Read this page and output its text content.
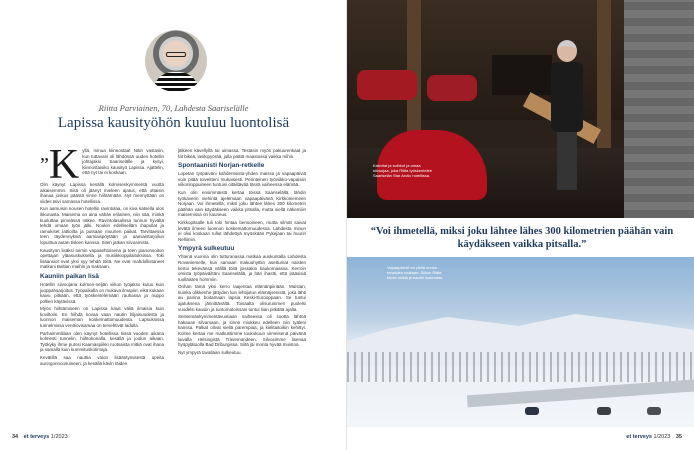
Riitta Parviainen, 70, Lahdesta Saariselälle
Lapissa kausityöhön kuuluu luontolisä
”K yllä, minua kiinnostaa! Näin vastasin, kun tuttavani oli lähdössä uuden hotellin johtajaksi Saariselälle ja kysyi, kiinnostaisiko kausityö Lapissa. Ajattelin, että nyt tai ei koskaan.

Olin käynyt Lapissa kesällä kolmisenkymmentä vuotta aikaisemmin. Siitä oli jäänyt mieleen ajatus, että ottaisin ihanaa joskus päästä sinne hiihtämään. Nyt mennyttään on viides talvi samassa hotellissa.

Kun aamuisin nousen hotellin ravintolaa, on kiva katsella ulos ikkunasta. Maisema on aina vähän erilainen, niin sää, minkä kuuluttaa pimeässä näkee. Ravintolasalissa tunnun hyvältä tehdä omaan työn jälki. Noukin edelliselläm ihapullat ja ramukiset lattioilta ja putsaan muurien paikat. Tarvittaessa teen täydennyksiä aamiaispöytään ja aamiaistarjoilun lopuittua autan tiskien kanssa. Siten jatkan siivoamista.

Kausityön lisäksi toimin vapaaehtoisena ja teen pianonsoiton opettajan yläasuskuksella ja musiikkioppilaitoksissa. Toki lisäansiot ovat yksi syy tehdä töitä. Ne ovat mahdollistaneet matkani Baltian maihin ja Saksaan.

Kauniin paikan lisä

Hotellin siivoojana kolmen-neljän viikon työjakso kuluu kuin juoppahsarjoitus. Työpaikalla on mukava ilmapiiri, eikä kukaan kaivu pitkään, että työskentelemään rauhassa ja nuppo pöllien käytävissä.

Myös hiihtämiseen on Lapissa kauit väliä ilmaisia kuin koviltoiin. En hiihdä kovaa vaan nautin hiljaisuudesta ja luonnon maiseman koskemattomuudesta. Lapsuksissa tunnelmissa venttiovisamaa on tervehtivät ladulla.

Parhaimmillaan olen käynyt hotellissa tiissä vuoden aikana kolmesti tunnelin, hiihtokonalla, kesällä ja joulun aikaan. Työkyky ihme putosi Kaamaspiikki ruotsaista mitkä ovat ihana ja samalla kuin kummituskotimaja.

Kevätillä saa nauttia valon lisääntymisestä upeita auringonnousuineen, ja kesällä kävin täiden

jälkeen kävellyllä tai uimassa. Testasin myös pakuurenkaat ja fat bikeä, lasikipyörää, jolla päätä maastossa vaikka mihin.

Spontaanisti Norjan-retkelle

Lopetan työpäiväni kahdentoista-yhden maissa ja vapaapäiviä voin pitää toiveitteni mukaisesti. Perinteinen työviikko-vapaisiin viikonloppuineen tuntuisi oitäiltävää tässä vaiheessa elämää.

Kun olin ensimmäistä kertaa töissä Saariselällä, lähdin työkaverin viehintä ajelemaan vapaapäivänä Kirkkoniemeen Norjaan. Voi ihmetellä, miksi joku lähtee lähes 300 kilometrin päähän vain käydäkseen vaikka pitsalla, mutta siellä näkemiiin maisemissa on kauneus.

Kirkkopitsalle tuli toki hintaa bensoineen, mutta silmät saivat levätä ilmeen luonnon koskemattomuudessa. Lahdesta minun ei olisi koskaan tullut lähdettyä myöskään Pykejaan tai huurin Nellimiin.

Ympyrä sulkeutuu

Yhtenä vuonna olin tutturanassa matkaa auskuntalla Lahdesta Rovaniemelle, kun samaan makuuhyttiin asettumat naisten kertoi tekevänsä välillä töitä joissakin kaukomaassa. Kerroin omista työpäiväiltäni Saariselällä, ja hän ihastti, että pääsisiä tuolläisten hommiin.

Onhan tämä yksi kerro laajentaa elämänpiiriään. Muistan, kuinka olikkenhe jättyden luin lehtijutun elämäjsenistä, joka lähti au pairina boitamaan lapsia Keski-Eurooppaan. Se tuntui ajatuksena jännittävältä. Toisaalta olisuruinmen puolelsi vuodelsi kausiin ja tuntomatoissani tuntui liian pitkältä ajalta.

Seitsemänkymmentävuotiaan vaiheessa oli suotta lähtöä hakauan silvamaan, ja sinne miukkeu edelleen niin tyäleni kanssa. Palkat olivat siellä parempiaa, ja kielitaitoikin kehittyi. Kolme kertaa me matkustimme toukokuun viimeisenä päivänä laivalla Helsingistä Travemündeen. Silvosimme lisenaa hyöpylätoolla Bad Driburgissa. Siitä jäi monta hyvää muistoa.

Nyt ympyrä tavallaan sulkeutuu.

34 et terveys 1/2023
Kahvilat ja suihkut ja omaa siivoojaa, joka Riitta työskentelee Saariselän Star Arctic hotellissa.
“Voi ihmetellä, miksi joku lähtee lähes 300 kilometrien päähän vain käydäkseen vaikka pitsalla.”
Vapaapäivät voi pitää ennen toiveiden mukaan. Silloin Riitta tekee retkiä ja nauttii luonnosta.
et terveys 1/2023 35
